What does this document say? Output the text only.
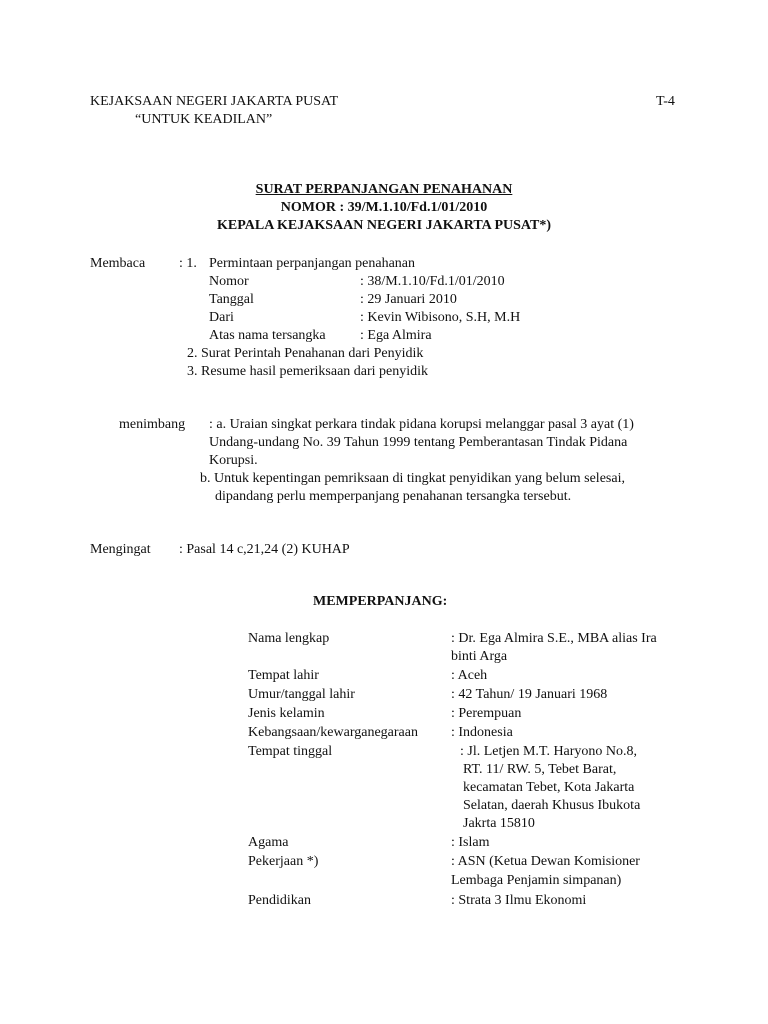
KEJAKSAAN NEGERI JAKARTA PUSAT	T-4
“UNTUK KEADILAN”
SURAT PERPANJANGAN PENAHANAN
NOMOR : 39/M.1.10/Fd.1/01/2010
KEPALA KEJAKSAAN NEGERI JAKARTA PUSAT*)
Membaca : 1. Permintaan perpanjangan penahanan
Nomor	: 38/M.1.10/Fd.1/01/2010
Tanggal	: 29 Januari 2010
Dari	: Kevin Wibisono, S.H, M.H
Atas nama tersangka : Ega Almira
2. Surat Perintah Penahanan dari Penyidik
3. Resume hasil pemeriksaan dari penyidik
menimbang : a. Uraian singkat perkara tindak pidana korupsi melanggar pasal 3 ayat (1)
Undang-undang No. 39 Tahun 1999 tentang Pemberantasan Tindak Pidana
Korupsi.
b. Untuk kepentingan pemriksaan di tingkat penyidikan yang belum selesai,
dipandang perlu memperpanjang penahanan tersangka tersebut.
Mengingat : Pasal 14 c,21,24 (2) KUHAP
MEMPERPANJANG:
Nama lengkap	: Dr. Ega Almira S.E., MBA alias Ira
binti Arga
Tempat lahir	: Aceh
Umur/tanggal lahir	: 42 Tahun/ 19 Januari 1968
Jenis kelamin	: Perempuan
Kebangsaan/kewarganegaraan : Indonesia
Tempat tinggal	: Jl. Letjen M.T. Haryono No.8,
RT. 11/ RW. 5, Tebet Barat,
kecamatan Tebet, Kota Jakarta
Selatan, daerah Khusus Ibukota
Jakrta 15810
Agama	: Islam
Pekerjaan *)	: ASN (Ketua Dewan Komisioner
Lembaga Penjamin simpanan)
Pendidikan	: Strata 3 Ilmu Ekonomi
